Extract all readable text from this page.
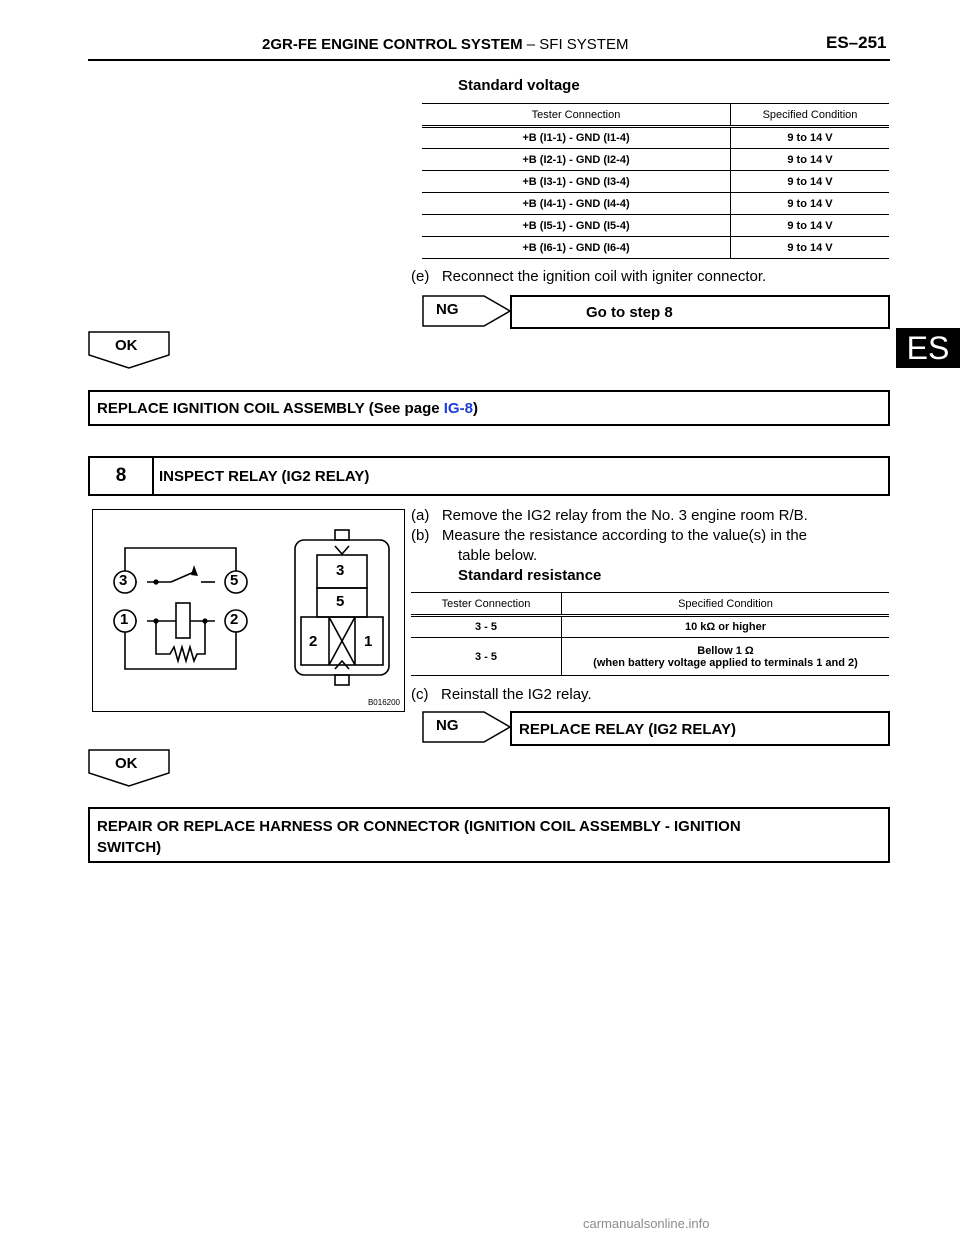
2GR-FE ENGINE CONTROL SYSTEM – SFI SYSTEM	ES–251
ES
Standard voltage
Tester Connection	Specified Condition
+B (I1-1) - GND (I1-4)	9 to 14 V
+B (I2-1) - GND (I2-4)	9 to 14 V
+B (I3-1) - GND (I3-4)	9 to 14 V
+B (I4-1) - GND (I4-4)	9 to 14 V
+B (I5-1) - GND (I5-4)	9 to 14 V
+B (I6-1) - GND (I6-4)	9 to 14 V
(e)   Reconnect the ignition coil with igniter connector.
NG	Go to step 8
OK
REPLACE IGNITION COIL ASSEMBLY (See page IG-8)
8	INSPECT RELAY (IG2 RELAY)
3	5
1	2
3
5
2	1
B016200
(a)   Remove the IG2 relay from the No. 3 engine room R/B.
(b)   Measure the resistance according to the value(s) in the
table below.
Standard resistance
Tester Connection	Specified Condition
3 - 5	10 kΩ or higher
3 - 5	Bellow 1 Ω
(when battery voltage applied to terminals 1 and 2)
(c)   Reinstall the IG2 relay.
NG	REPLACE RELAY (IG2 RELAY)
OK
REPAIR OR REPLACE HARNESS OR CONNECTOR (IGNITION COIL ASSEMBLY - IGNITION
SWITCH)
carmanualsonline.info
